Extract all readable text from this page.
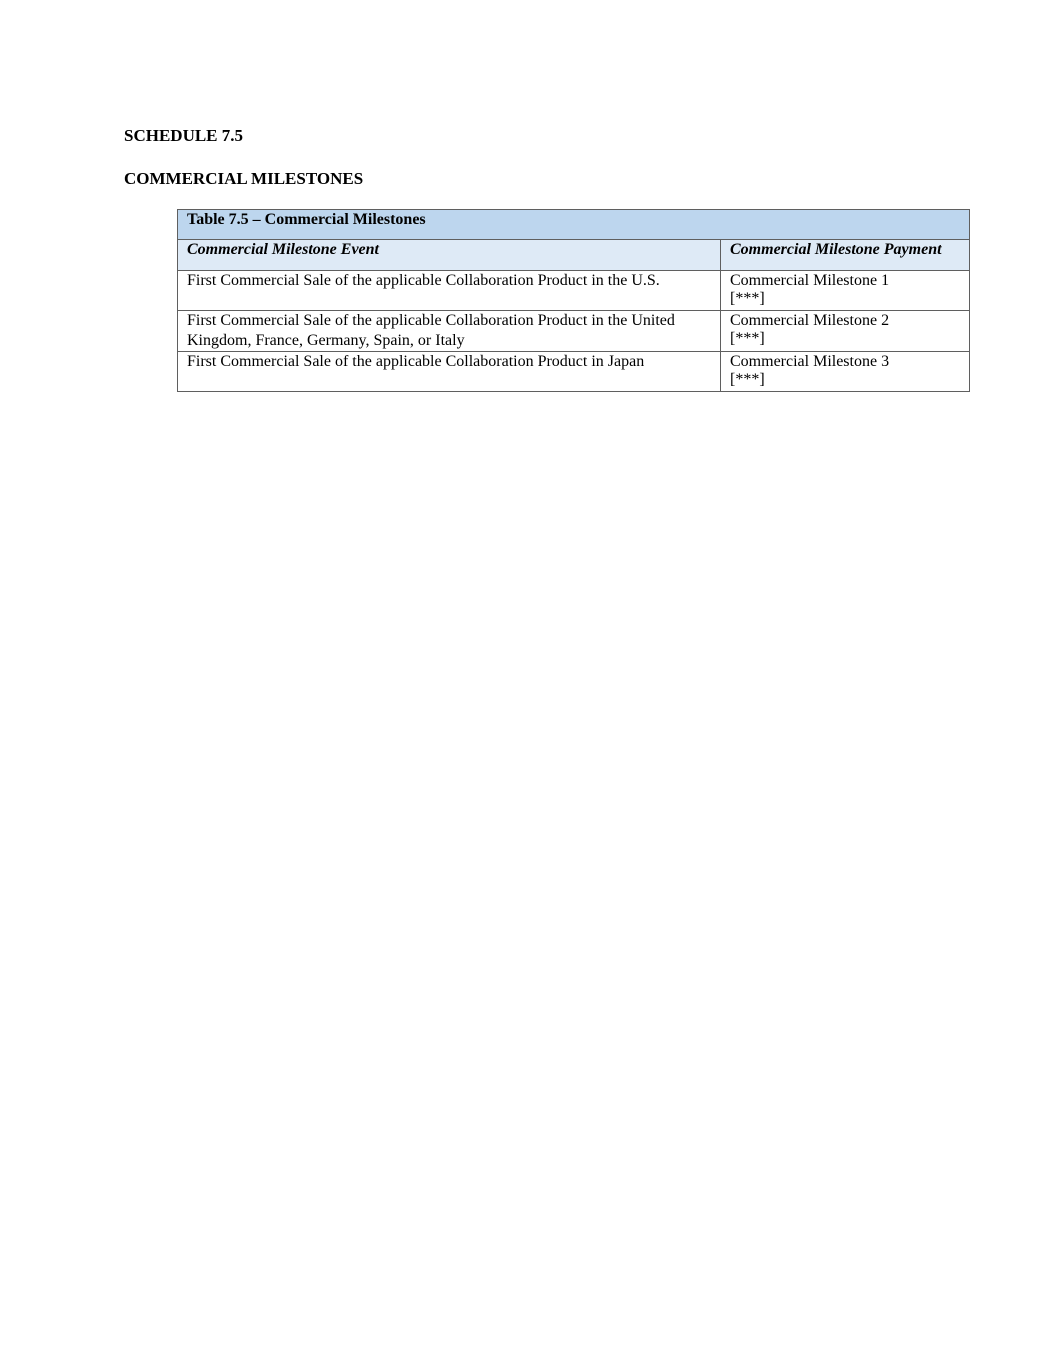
SCHEDULE 7.5
COMMERCIAL MILESTONES
Table 7.5 – Commercial Milestones	
Commercial Milestone Event	Commercial Milestone Payment
First Commercial Sale of the applicable Collaboration Product in the U.S.	Commercial Milestone 1
[***]

First Commercial Sale of the applicable Collaboration Product in the United Kingdom, France, Germany, Spain, or Italy	Commercial Milestone 2
[***]

First Commercial Sale of the applicable Collaboration Product in Japan	Commercial Milestone 3
[***]
